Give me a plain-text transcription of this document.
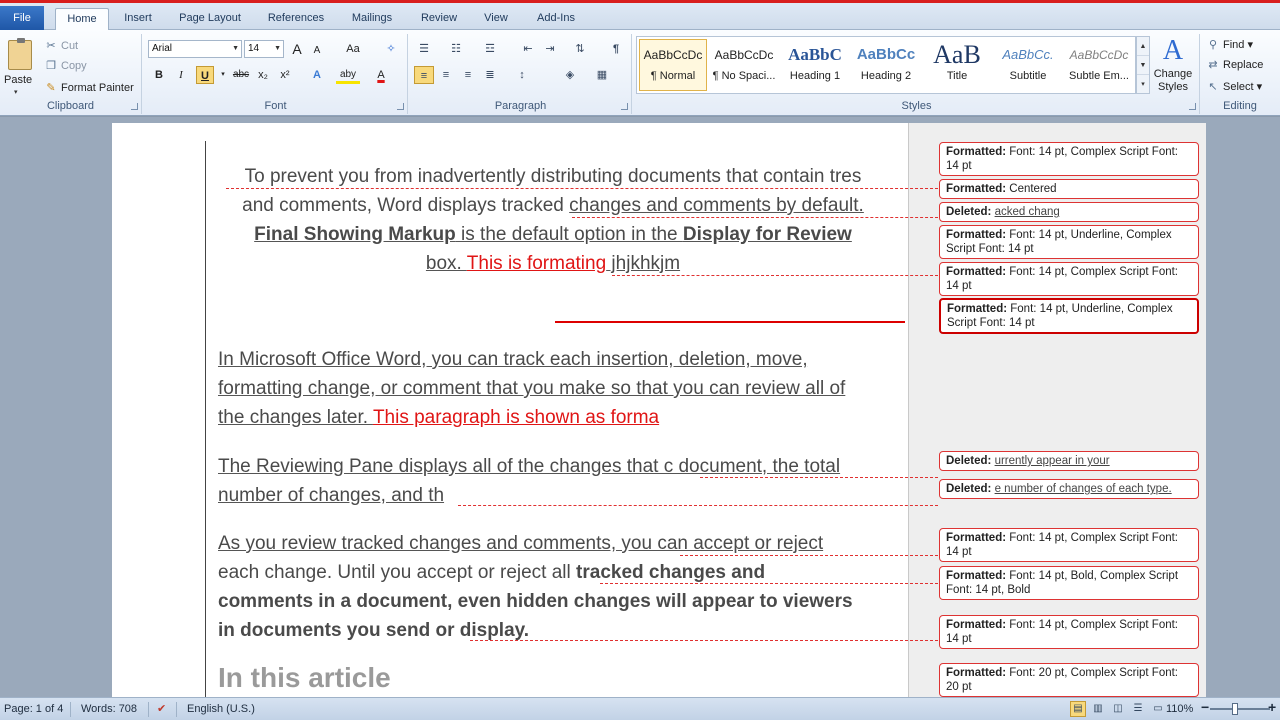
File	Home	Insert	Page Layout	References	Mailings	Review	View	Add-Ins
Paste
▾
✂ Cut
❐ Copy
✎ Format Painter
Clipboard
Arial	▼ 14 ▼ A	A	Aa	✧
B	I	U	▾ abc x₂	x²	A	aby	A
Font
☰	☷	☲	⇤	⇥	⇅	¶
≡	≡	≡	≣	↕	◈	▦
Paragraph	Styles
AaBbCcDc
¶ Normal
AaBbCcDc
¶ No Spaci...
AaBbC
Heading 1
AaBbCc
Heading 2
AaB
Title
AaBbCc.
Subtitle
AaBbCcDc
Subtle Em...
▲
▼
▾
A
Change
Styles
⚲ Find ▾
⇄ Replace
↖ Select ▾
Editing
To prevent you from inadvertently distributing documents that contain tres
and comments, Word displays tracked changes and comments by default.
Final Showing Markup is the default option in the Display for Review
box. This is formating jhjkhkjm
In Microsoft Office Word, you can track each insertion, deletion, move,
formatting change, or comment that you make so that you can review all of
the changes later. This paragraph is shown as forma
The Reviewing Pane displays all of the changes that c document, the total
number of changes, and th
As you review tracked changes and comments, you can accept or reject
each change. Until you accept or reject all tracked changes and
comments in a document, even hidden changes will appear to viewers
in documents you send or display.
In this article
Formatted: Font: 14 pt, Complex Script Font: 14 pt
Formatted: Centered
Deleted: acked chang
Formatted: Font: 14 pt, Underline, Complex Script Font: 14 pt
Formatted: Font: 14 pt, Complex Script Font: 14 pt
Formatted: Font: 14 pt, Underline, Complex Script Font: 14 pt
Deleted: urrently appear in your
Deleted: e number of changes of each type.
Formatted: Font: 14 pt, Complex Script Font: 14 pt
Formatted: Font: 14 pt, Bold, Complex Script Font: 14 pt, Bold
Formatted: Font: 14 pt, Complex Script Font: 14 pt
Formatted: Font: 20 pt, Complex Script Font: 20 pt
Page: 1 of 4	Words: 708	✔	English (U.S.)	▤	▥	◫	☰	▭ 110% −	+
